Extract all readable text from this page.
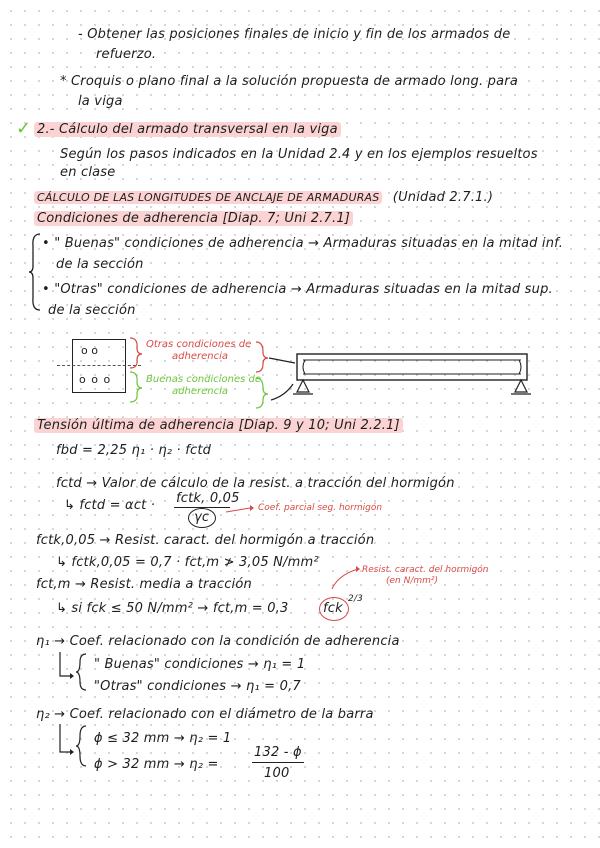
- Obtener las posiciones finales de inicio y fin de los armados de
refuerzo.
* Croquis o plano final a la solución propuesta de armado long. para
la viga
✓ 2.- Cálculo del armado transversal en la viga
Según los pasos indicados en la Unidad 2.4 y en los ejemplos resueltos
en clase
CÁLCULO DE LAS LONGITUDES DE ANCLAJE DE ARMADURAS (Unidad 2.7.1.)
Condiciones de adherencia [Diap. 7; Uni 2.7.1]
• " Buenas" condiciones de adherencia → Armaduras situadas en la mitad inf.
de la sección
• "Otras" condiciones de adherencia → Armaduras situadas en la mitad sup.
de la sección
o o
o o o
Otras condiciones de
adherencia
Buenas condiciones de
adherencia
Tensión última de adherencia [Diap. 9 y 10; Uni 2.2.1]
fbd = 2,25 η₁ · η₂ · fctd
fctd → Valor de cálculo de la resist. a tracción del hormigón
↳ fctd = αct · fctk, 0,05
γc
Coef. parcial seg. hormigón
fctk,0,05 → Resist. caract. del hormigón a tracción
↳ fctk,0,05 = 0,7 · fct,m ≯ 3,05 N/mm²	Resist. caract. del hormigón
(en N/mm²)
fct,m → Resist. media a tracción
↳ si fck ≤ 50 N/mm² → fct,m = 0,3	fck
2/3
η₁ → Coef. relacionado con la condición de adherencia
" Buenas" condiciones → η₁ = 1
"Otras" condiciones → η₁ = 0,7
η₂ → Coef. relacionado con el diámetro de la barra
ϕ ≤ 32 mm → η₂ = 1
ϕ > 32 mm → η₂ =
132 - ϕ
100
